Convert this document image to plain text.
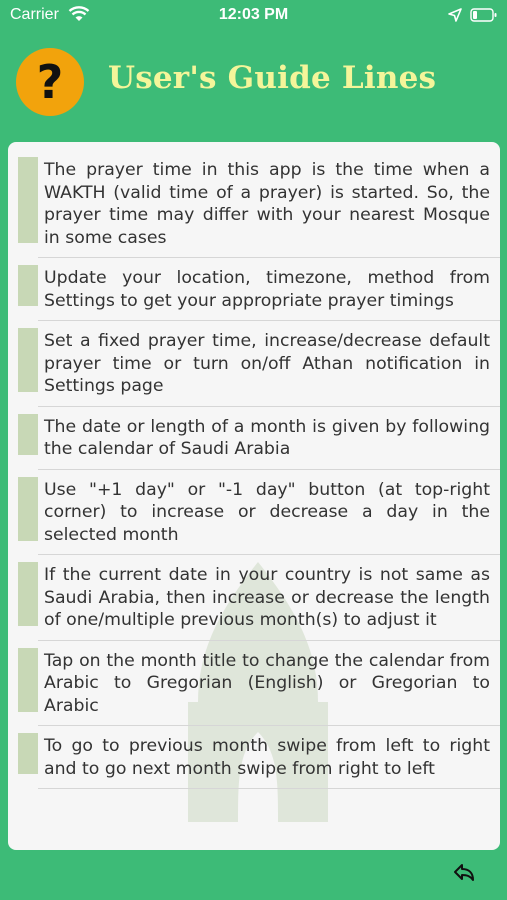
Carrier	12:03 PM
? User's Guide Lines
The prayer time in this app is the time when a WAKTH (valid time of a prayer) is started. So, the prayer time may differ with your nearest Mosque in some cases
Update your location, timezone, method from Settings to get your appropriate prayer timings
Set a fixed prayer time, increase/decrease default prayer time or turn on/off Athan notification in Settings page
The date or length of a month is given by following the calendar of Saudi Arabia
Use "+1 day" or "-1 day" button (at top-right corner) to increase or decrease a day in the selected month
If the current date in your country is not same as Saudi Arabia, then increase or decrease the length of one/multiple previous month(s) to adjust it
Tap on the month title to change the calendar from Arabic to Gregorian (English) or Gregorian to Arabic
To go to previous month swipe from left to right and to go next month swipe from right to left
